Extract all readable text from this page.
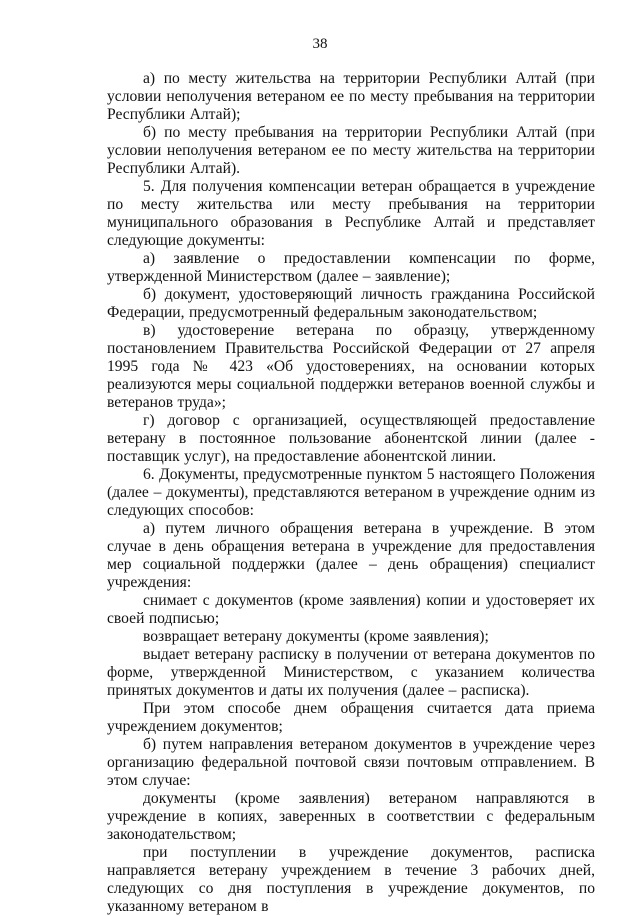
38

а) по месту жительства на территории Республики Алтай (при условии неполучения ветераном ее по месту пребывания на территории Республики Алтай);

б) по месту пребывания на территории Республики Алтай (при условии неполучения ветераном ее по месту жительства на территории Республики Алтай).

5. Для получения компенсации ветеран обращается в учреждение по месту жительства или месту пребывания на территории муниципального образования в Республике Алтай и представляет следующие документы:

а) заявление о предоставлении компенсации по форме, утвержденной Министерством (далее – заявление);

б) документ, удостоверяющий личность гражданина Российской Федерации, предусмотренный федеральным законодательством;

в) удостоверение ветерана по образцу, утвержденному постановлением Правительства Российской Федерации от 27 апреля 1995 года № 423 «Об удостоверениях, на основании которых реализуются меры социальной поддержки ветеранов военной службы и ветеранов труда»;

г) договор с организацией, осуществляющей предоставление ветерану в постоянное пользование абонентской линии (далее - поставщик услуг), на предоставление абонентской линии.

6. Документы, предусмотренные пунктом 5 настоящего Положения (далее – документы), представляются ветераном в учреждение одним из следующих способов:

а) путем личного обращения ветерана в учреждение. В этом случае в день обращения ветерана в учреждение для предоставления мер социальной поддержки (далее – день обращения) специалист учреждения:

снимает с документов (кроме заявления) копии и удостоверяет их своей подписью;

возвращает ветерану документы (кроме заявления);

выдает ветерану расписку в получении от ветерана документов по форме, утвержденной Министерством, с указанием количества принятых документов и даты их получения (далее – расписка).

При этом способе днем обращения считается дата приема учреждением документов;

б) путем направления ветераном документов в учреждение через организацию федеральной почтовой связи почтовым отправлением. В этом случае:

документы (кроме заявления) ветераном направляются в учреждение в копиях, заверенных в соответствии с федеральным законодательством;

при поступлении в учреждение документов, расписка направляется ветерану учреждением в течение 3 рабочих дней, следующих со дня поступления в учреждение документов, по указанному ветераном в
